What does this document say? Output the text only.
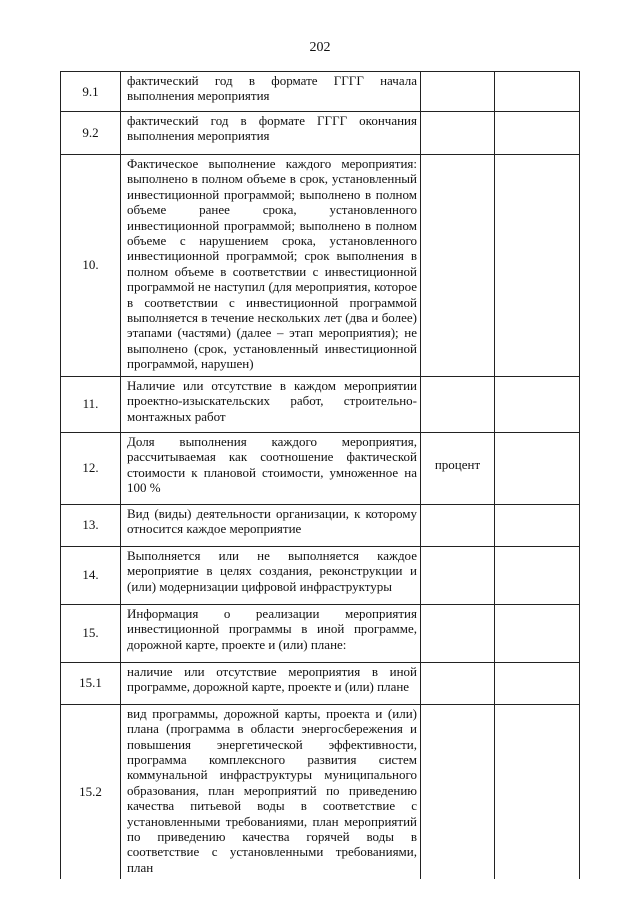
202
9.1	фактический год в формате ГГГГ начала выполнения мероприятия		
9.2	фактический год в формате ГГГГ окончания выполнения мероприятия		
10.	Фактическое выполнение каждого мероприятия: выполнено в полном объеме в срок, установленный инвестиционной программой; выполнено в полном объеме ранее срока, установленного инвестиционной программой; выполнено в полном объеме с нарушением срока, установленного инвестиционной программой; срок выполнения в полном объеме в соответствии с инвестиционной программой не наступил (для мероприятия, которое в соответствии с инвестиционной программой выполняется в течение нескольких лет (два и более) этапами (частями) (далее – этап мероприятия); не выполнено (срок, установленный инвестиционной программой, нарушен)		
11.	Наличие или отсутствие в каждом мероприятии проектно-изыскательских работ, строительно-монтажных работ		
12.	Доля выполнения каждого мероприятия, рассчитываемая как соотношение фактической стоимости к плановой стоимости, умноженное на 100 %	процент	
13.	Вид (виды) деятельности организации, к которому относится каждое мероприятие		
14.	Выполняется или не выполняется каждое мероприятие в целях создания, реконструкции и (или) модернизации цифровой инфраструктуры		
15.	Информация о реализации мероприятия инвестиционной программы в иной программе, дорожной карте, проекте и (или) плане:		
15.1	наличие или отсутствие мероприятия в иной программе, дорожной карте, проекте и (или) плане		
15.2	вид программы, дорожной карты, проекта и (или) плана (программа в области энергосбережения и повышения энергетической эффективности, программа комплексного развития систем коммунальной инфраструктуры муниципального образования, план мероприятий по приведению качества питьевой воды в соответствие с установленными требованиями, план мероприятий по приведению качества горячей воды в соответствие с установленными требованиями, план		
